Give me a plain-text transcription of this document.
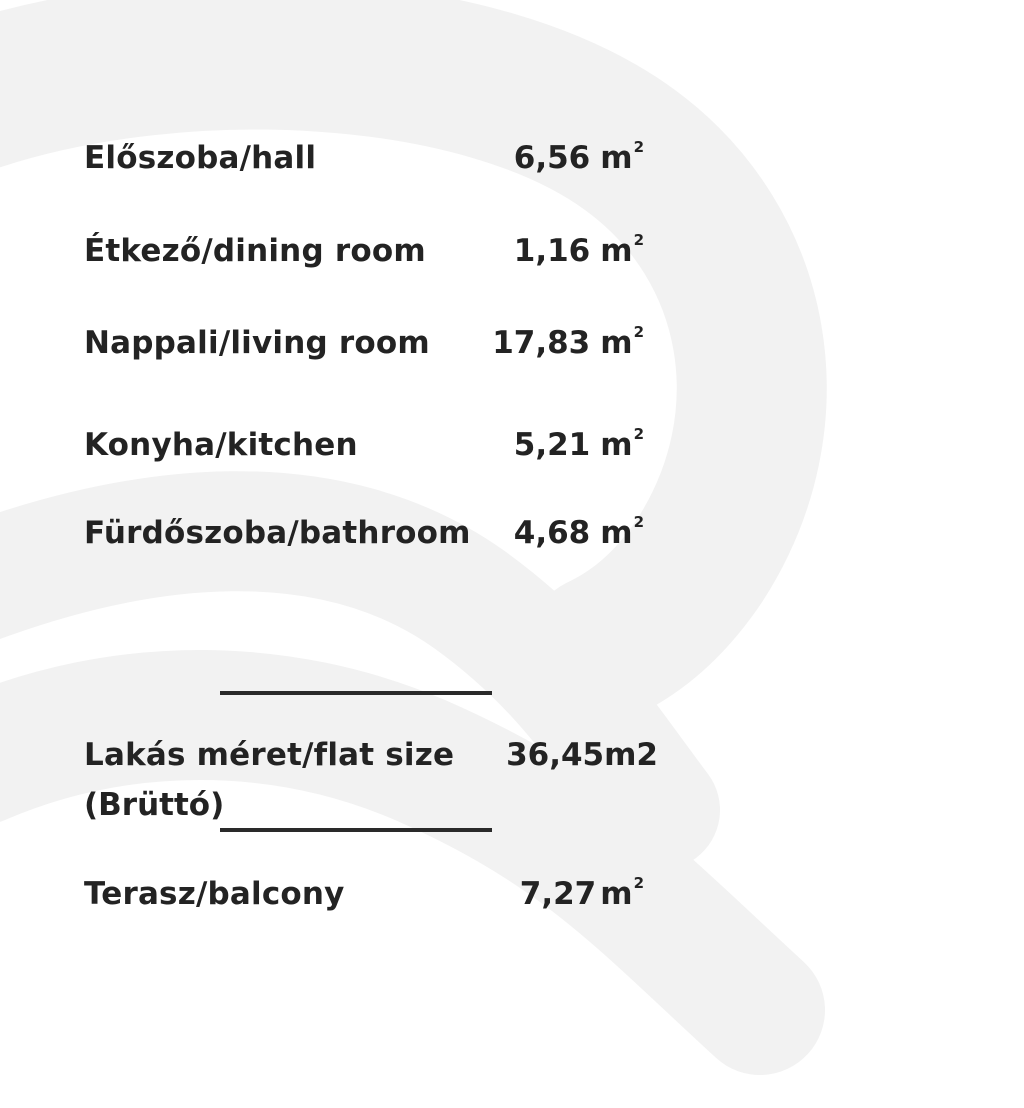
Előszoba/hall	6,56 $m^2$
Étkező/dining room	1,16 $m^2$
Nappali/living room 17,83 $m^2$
Konyha/kitchen	5,21 $m^2$
Fürdőszoba/bathroom 4,68 $m^2$
Lakás méret/flat size 36,45m2
(Brüttó)
Terasz/balcony	7,27 $m^2$
